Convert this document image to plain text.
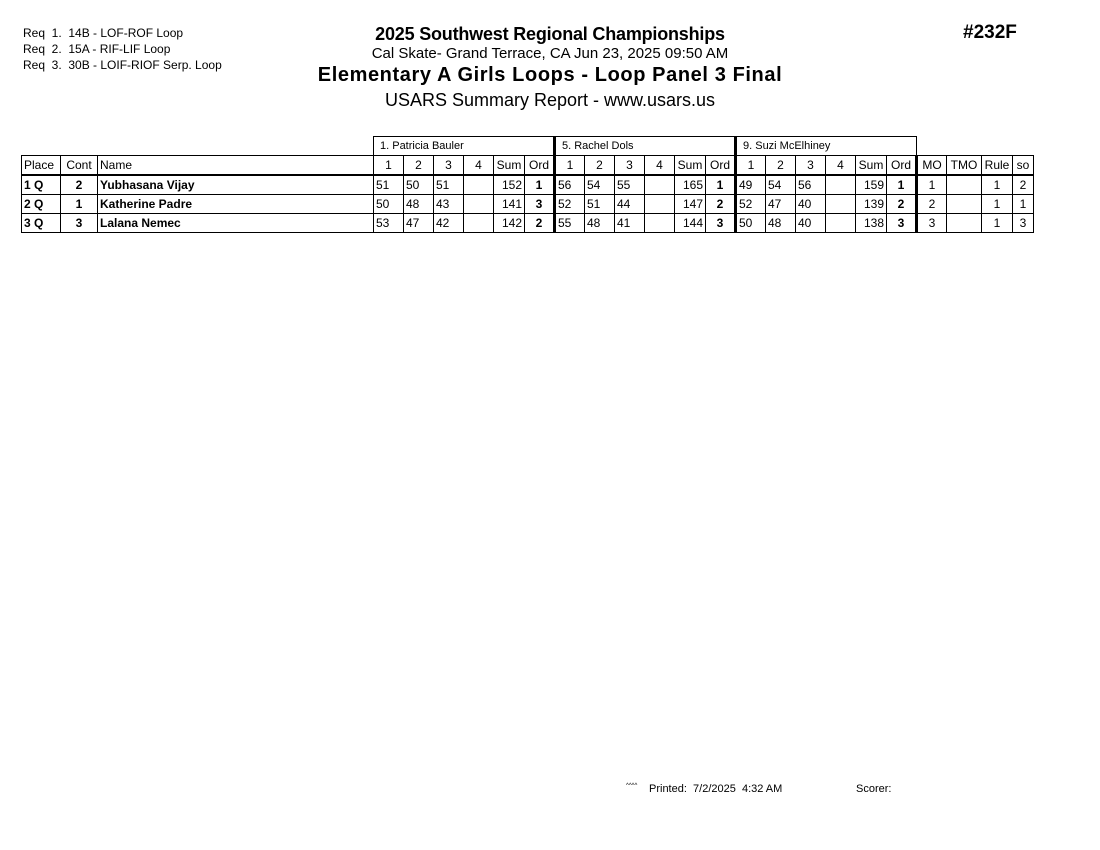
Req  1.  14B - LOF-ROF Loop
Req  2.  15A - RIF-LIF Loop
Req  3.  30B - LOIF-RIOF Serp. Loop
2025 Southwest Regional Championships
Cal Skate- Grand Terrace, CA Jun 23, 2025 09:50 AM
Elementary A Girls Loops - Loop Panel 3 Final
USARS Summary Report - www.usars.us
#232F
			1. Patricia Bauler						5. Rachel Dols						9. Suzi McElhiney									
Place	Cont	Name	1	2	3	4	Sum	Ord	1	2	3	4	Sum	Ord	1	2	3	4	Sum	Ord	MO	TMO	Rule	so
1 Q	2	Yubhasana Vijay	51	50	51		152	1	56	54	55		165	1	49	54	56		159	1	1		1	2
2 Q	1	Katherine Padre	50	48	43		141	3	52	51	44		147	2	52	47	40		139	2	2		1	1
3 Q	3	Lalana Nemec	53	47	42		142	2	55	48	41		144	3	50	48	40		138	3	3		1	3
^^^^ Printed:  7/2/2025  4:32 AM	Scorer:
